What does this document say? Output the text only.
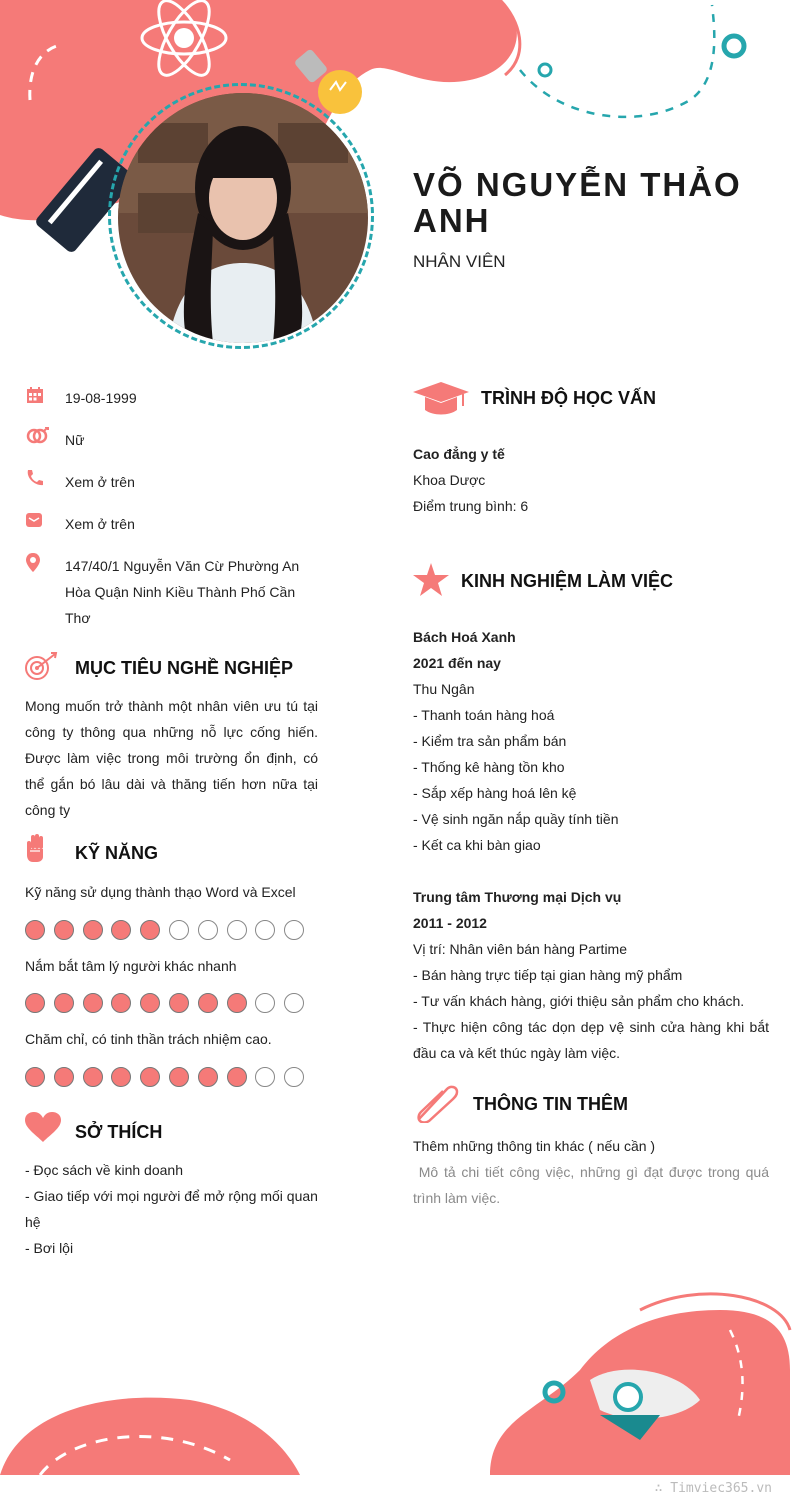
VÕ NGUYỄN THẢO ANH
NHÂN VIÊN
19-08-1999
Nữ
Xem ở trên
Xem ở trên
147/40/1 Nguyễn Văn Cừ Phường An Hòa Quận Ninh Kiều Thành Phố Cần Thơ
MỤC TIÊU NGHỀ NGHIỆP
Mong muốn trở thành một nhân viên ưu tú tại công ty thông qua những nỗ lực cống hiến. Được làm việc trong môi trường ổn định, có thể gắn bó lâu dài và thăng tiến hơn nữa tại công ty
KỸ NĂNG
Kỹ năng sử dụng thành thạo Word và Excel
Nắm bắt tâm lý người khác nhanh
Chăm chỉ, có tinh thần trách nhiệm cao.
SỞ THÍCH
- Đọc sách về kinh doanh
- Giao tiếp với mọi người để mở rộng mối quan hệ
- Bơi lội
TRÌNH ĐỘ HỌC VẤN
Cao đẳng y tế
Khoa Dược
Điểm trung bình: 6
KINH NGHIỆM LÀM VIỆC
Bách Hoá Xanh
2021 đến nay
Thu Ngân
- Thanh toán hàng hoá
- Kiểm tra sản phẩm bán
- Thống kê hàng tồn kho
- Sắp xếp hàng hoá lên kệ
- Vệ sinh ngăn nắp quầy tính tiền
- Kết ca khi bàn giao
Trung tâm Thương mại Dịch vụ
2011 - 2012
Vị trí: Nhân viên bán hàng Partime
- Bán hàng trực tiếp tại gian hàng mỹ phẩm
- Tư vấn khách hàng, giới thiệu sản phẩm cho khách.
- Thực hiện công tác dọn dẹp vệ sinh cửa hàng khi bắt đầu ca và kết thúc ngày làm việc.
THÔNG TIN THÊM
Thêm những thông tin khác ( nếu cần )
Mô tả chi tiết công việc, những gì đạt được trong quá trình làm việc.
∴ Timviec365.vn
